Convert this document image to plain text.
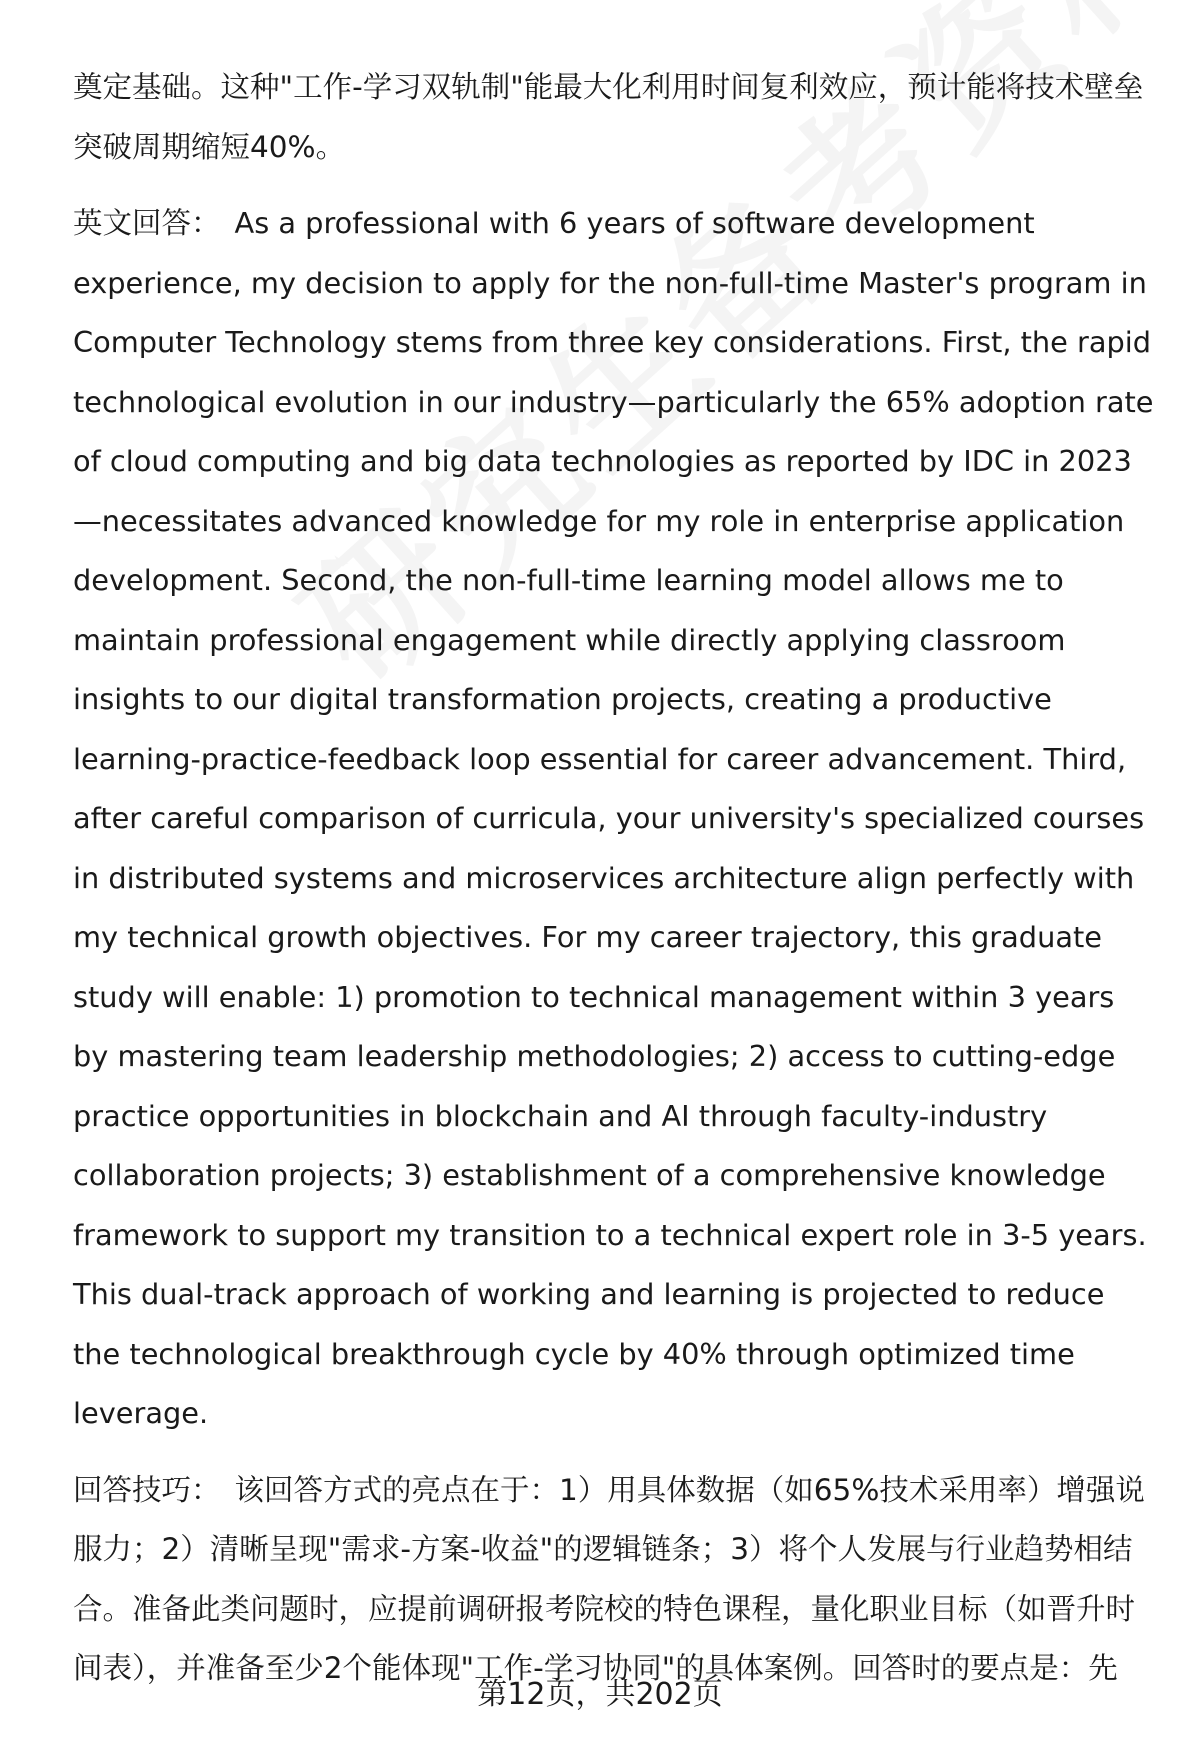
奠定基础。这种"工作-学习双轨制"能最大化利用时间复利效应，预计能将技术壁垒突破周期缩短40%。

英文回答： As a professional with 6 years of software development experience, my decision to apply for the non-full-time Master's program in Computer Technology stems from three key considerations. First, the rapid technological evolution in our industry—particularly the 65% adoption rate of cloud computing and big data technologies as reported by IDC in 2023—necessitates advanced knowledge for my role in enterprise application development. Second, the non-full-time learning model allows me to maintain professional engagement while directly applying classroom insights to our digital transformation projects, creating a productive learning-practice-feedback loop essential for career advancement. Third, after careful comparison of curricula, your university's specialized courses in distributed systems and microservices architecture align perfectly with my technical growth objectives. For my career trajectory, this graduate study will enable: 1) promotion to technical management within 3 years by mastering team leadership methodologies; 2) access to cutting-edge practice opportunities in blockchain and AI through faculty-industry collaboration projects; 3) establishment of a comprehensive knowledge framework to support my transition to a technical expert role in 3-5 years. This dual-track approach of working and learning is projected to reduce the technological breakthrough cycle by 40% through optimized time leverage.

回答技巧： 该回答方式的亮点在于：1）用具体数据（如65%技术采用率）增强说服力；2）清晰呈现"需求-方案-收益"的逻辑链条；3）将个人发展与行业趋势相结合。准备此类问题时，应提前调研报考院校的特色课程，量化职业目标（如晋升时间表），并准备至少2个能体现"工作-学习协同"的具体案例。回答时的要点是：先

第12页，共202页
